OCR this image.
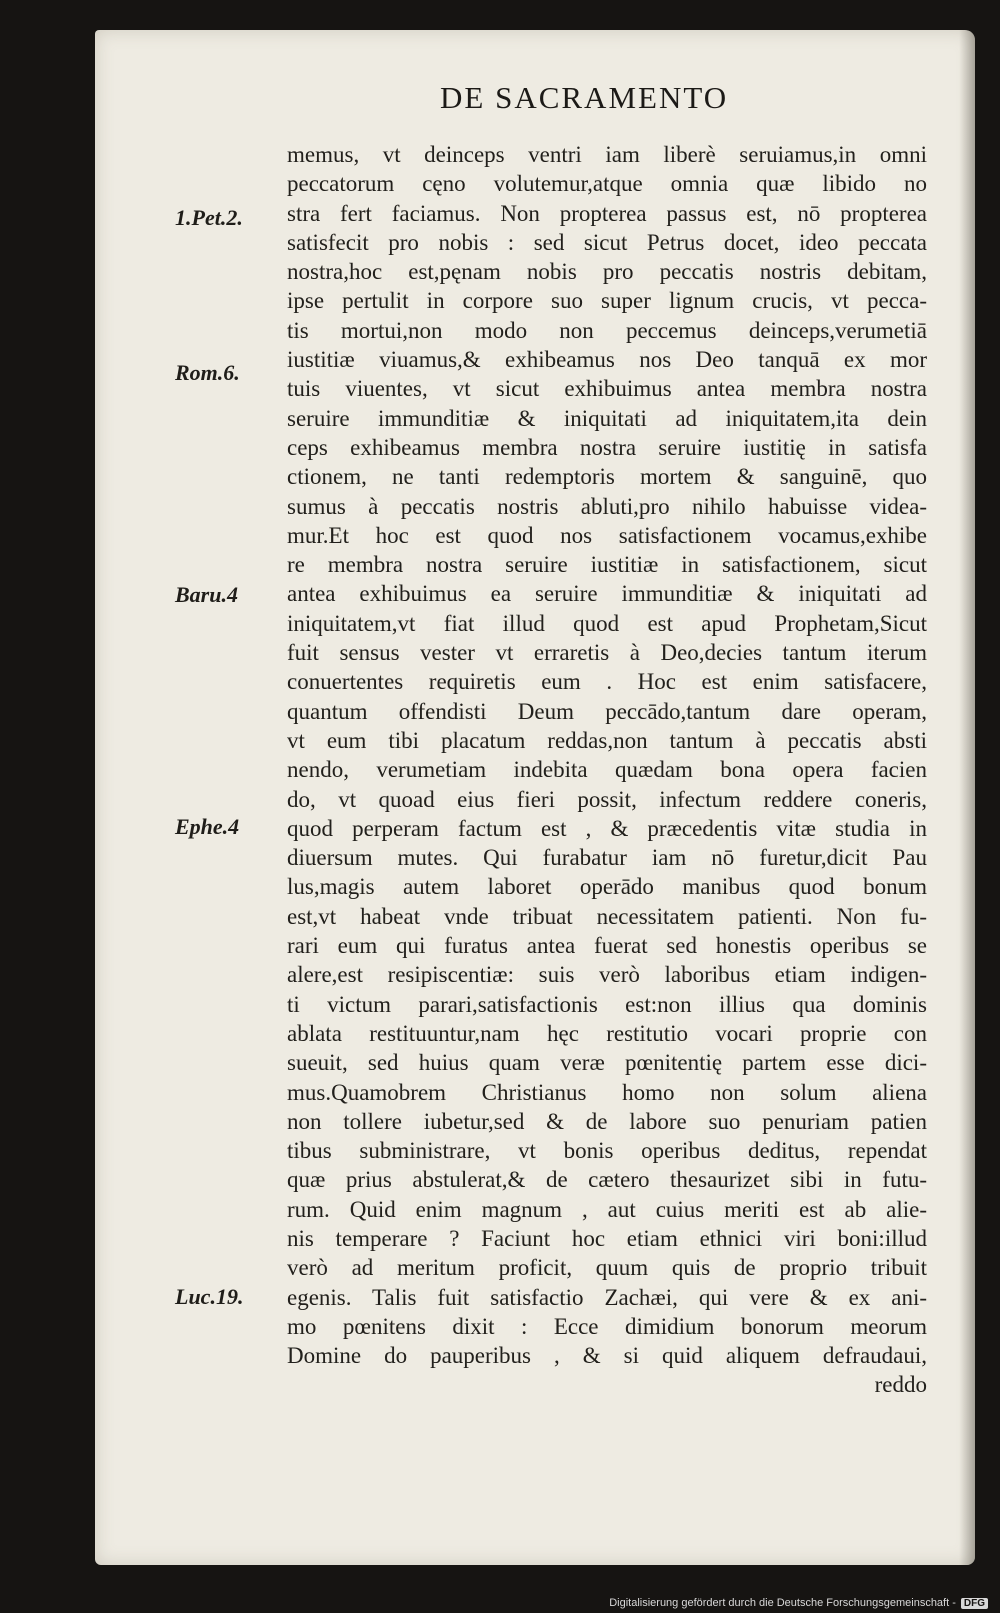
DE SACRAMENTO
1.Pet.2.
Rom.6.
Baru.4
Ephe.4
Luc.19.
memus, vt deinceps ventri iam liberè seruiamus,in omni
peccatorum cęno volutemur,atque omnia quæ libido no
stra fert faciamus. Non propterea passus est, nō propterea
satisfecit pro nobis : sed sicut Petrus docet, ideo peccata
nostra,hoc est,pęnam nobis pro peccatis nostris debitam,
ipse pertulit in corpore suo super lignum crucis, vt pecca-
tis mortui,non modo non peccemus deinceps,verumetiā
iustitiæ viuamus,& exhibeamus nos Deo tanquā ex mor
tuis viuentes, vt sicut exhibuimus antea membra nostra
seruire immunditiæ & iniquitati ad iniquitatem,ita dein
ceps exhibeamus membra nostra seruire iustitię in satisfa
ctionem, ne tanti redemptoris mortem & sanguinē, quo
sumus à peccatis nostris abluti,pro nihilo habuisse videa-
mur.Et hoc est quod nos satisfactionem vocamus,exhibe
re membra nostra seruire iustitiæ in satisfactionem, sicut
antea exhibuimus ea seruire immunditiæ & iniquitati ad
iniquitatem,vt fiat illud quod est apud Prophetam,Sicut
fuit sensus vester vt erraretis à Deo,decies tantum iterum
conuertentes requiretis eum . Hoc est enim satisfacere,
quantum offendisti Deum peccādo,tantum dare operam,
vt eum tibi placatum reddas,non tantum à peccatis absti
nendo, verumetiam indebita quædam bona opera facien
do, vt quoad eius fieri possit, infectum reddere coneris,
quod perperam factum est , & præcedentis vitæ studia in
diuersum mutes. Qui furabatur iam nō furetur,dicit Pau
lus,magis autem laboret operādo manibus quod bonum
est,vt habeat vnde tribuat necessitatem patienti. Non fu-
rari eum qui furatus antea fuerat sed honestis operibus se
alere,est resipiscentiæ: suis verò laboribus etiam indigen-
ti victum parari,satisfactionis est:non illius qua dominis
ablata restituuntur,nam hęc restitutio vocari proprie con
sueuit, sed huius quam veræ pœnitentię partem esse dici-
mus.Quamobrem Christianus homo non solum aliena
non tollere iubetur,sed & de labore suo penuriam patien
tibus subministrare, vt bonis operibus deditus, rependat
quæ prius abstulerat,& de cætero thesaurizet sibi in futu-
rum. Quid enim magnum , aut cuius meriti est ab alie-
nis temperare ? Faciunt hoc etiam ethnici viri boni:illud
verò ad meritum proficit, quum quis de proprio tribuit
egenis. Talis fuit satisfactio Zachæi, qui vere & ex ani-
mo pœnitens dixit : Ecce dimidium bonorum meorum
Domine do pauperibus , & si quid aliquem defraudaui,
reddo
Digitalisierung gefördert durch die Deutsche Forschungsgemeinschaft - DFG
